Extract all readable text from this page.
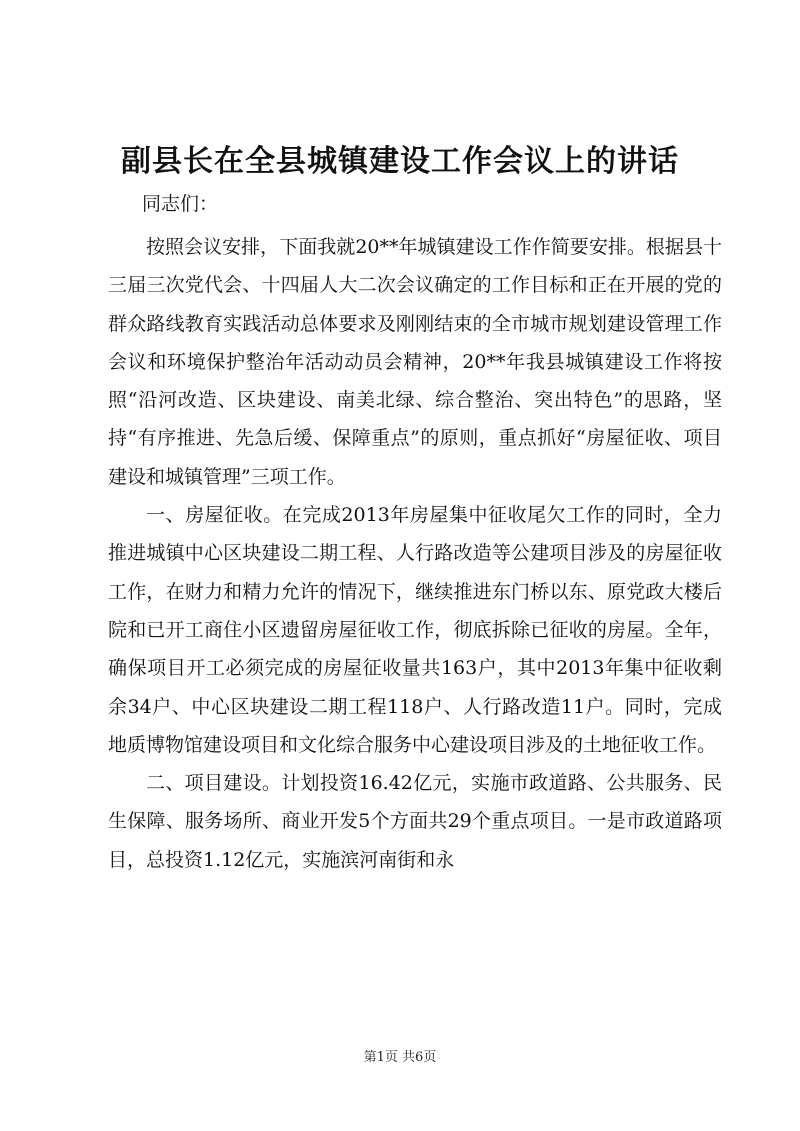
副县长在全县城镇建设工作会议上的讲话

同志们：

按照会议安排，下面我就20**年城镇建设工作作简要安排。根据县十三届三次党代会、十四届人大二次会议确定的工作目标和正在开展的党的群众路线教育实践活动总体要求及刚刚结束的全市城市规划建设管理工作会议和环境保护整治年活动动员会精神，20**年我县城镇建设工作将按照“沿河改造、区块建设、南美北绿、综合整治、突出特色”的思路，坚持“有序推进、先急后缓、保障重点”的原则，重点抓好“房屋征收、项目建设和城镇管理”三项工作。

一、房屋征收。在完成2013年房屋集中征收尾欠工作的同时，全力推进城镇中心区块建设二期工程、人行路改造等公建项目涉及的房屋征收工作，在财力和精力允许的情况下，继续推进东门桥以东、原党政大楼后院和已开工商住小区遗留房屋征收工作，彻底拆除已征收的房屋。全年，确保项目开工必须完成的房屋征收量共163户，其中2013年集中征收剩余34户、中心区块建设二期工程118户、人行路改造11户。同时，完成地质博物馆建设项目和文化综合服务中心建设项目涉及的土地征收工作。

二、项目建设。计划投资16.42亿元，实施市政道路、公共服务、民生保障、服务场所、商业开发5个方面共29个重点项目。一是市政道路项目，总投资1.12亿元，实施滨河南街和永

第1页 共6页
